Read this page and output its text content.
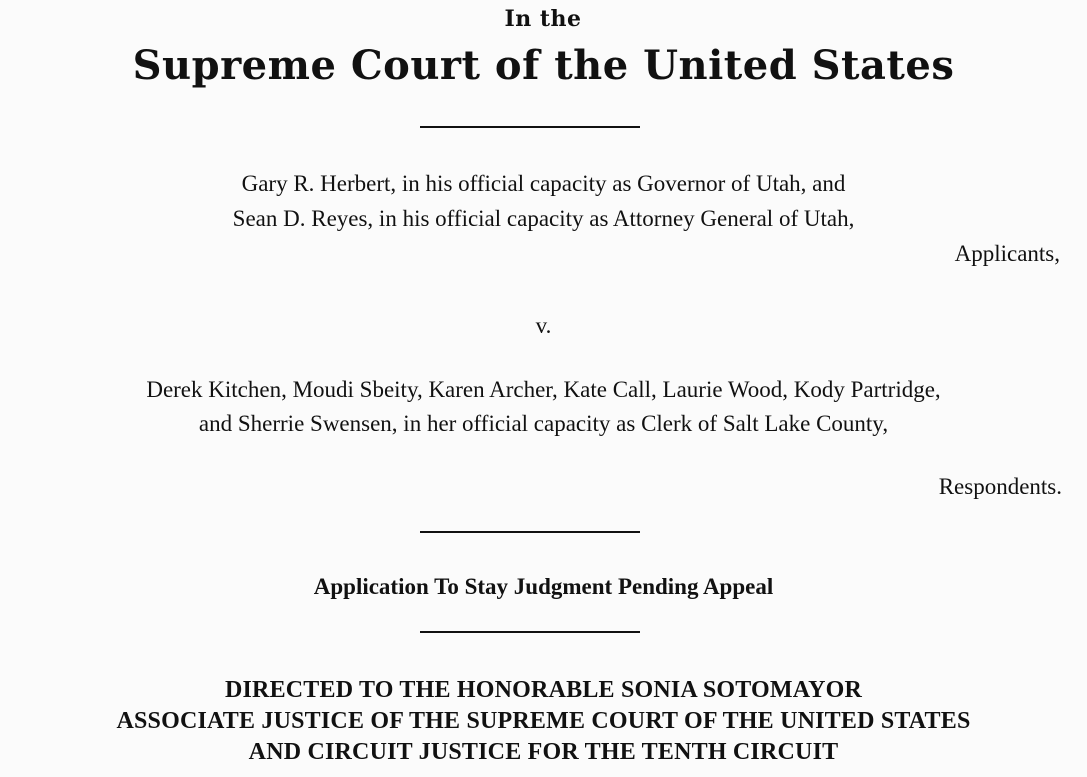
In the
Supreme Court of the United States
Gary R. Herbert, in his official capacity as Governor of Utah, and
Sean D. Reyes, in his official capacity as Attorney General of Utah,
Applicants,
v.
Derek Kitchen, Moudi Sbeity, Karen Archer, Kate Call, Laurie Wood, Kody Partridge,
and Sherrie Swensen, in her official capacity as Clerk of Salt Lake County,
Respondents.
Application To Stay Judgment Pending Appeal
DIRECTED TO THE HONORABLE SONIA SOTOMAYOR
ASSOCIATE JUSTICE OF THE SUPREME COURT OF THE UNITED STATES
AND CIRCUIT JUSTICE FOR THE TENTH CIRCUIT
